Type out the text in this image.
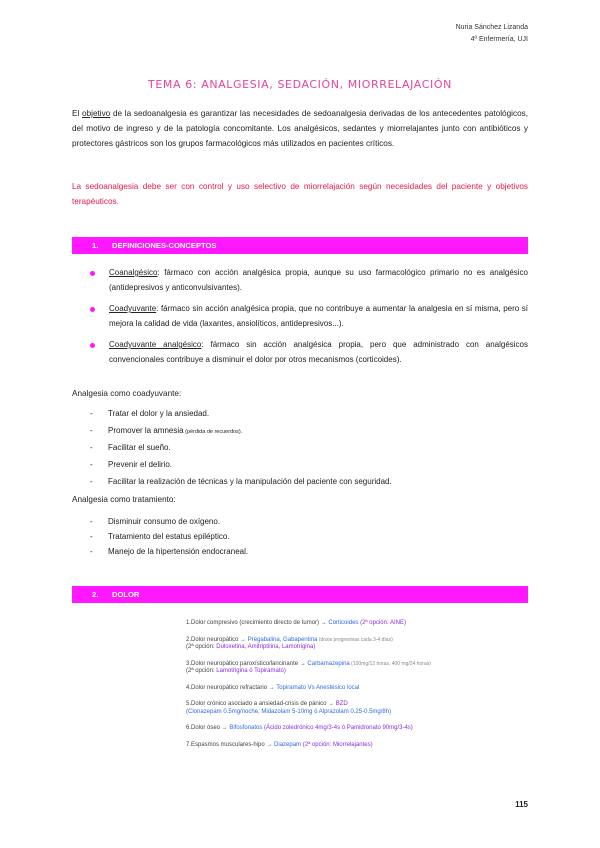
Nuria Sánchez Lizanda
4º Enfermería, UJI
TEMA 6: ANALGESIA, SEDACIÓN, MIORRELAJACIÓN
El objetivo de la sedoanalgesia es garantizar las necesidades de sedoanalgesia derivadas de los antecedentes patológicos, del motivo de ingreso y de la patología concomitante. Los analgésicos, sedantes y miorrelajantes junto con antibióticos y protectores gástricos son los grupos farmacológicos más utilizados en pacientes críticos.
La sedoanalgesia debe ser con control y uso selectivo de miorrelajación según necesidades del paciente y objetivos terapéuticos.
1. DEFINICIONES-CONCEPTOS
Coanalgésico: fármaco con acción analgésica propia, aunque su uso farmacológico primario no es analgésico (antidepresivos y anticonvulsivantes).
Coadyuvante: fármaco sin acción analgésica propia, que no contribuye a aumentar la analgesia en sí misma, pero sí mejora la calidad de vida (laxantes, ansiolíticos, antidepresivos...).
Coadyuvante analgésico: fármaco sin acción analgésica propia, pero que administrado con analgésicos convencionales contribuye a disminuir el dolor por otros mecanismos (corticoides).
Analgesia como coadyuvante:
- Tratar el dolor y la ansiedad.
- Promover la amnesia (pérdida de recuerdos).
- Facilitar el sueño.
- Prevenir el delirio.
- Facilitar la realización de técnicas y la manipulación del paciente con seguridad.
Analgesia como tratamiento:
- Disminuir consumo de oxígeno.
- Tratamiento del estatus epiléptico.
- Manejo de la hipertensión endocraneal.
2. DOLOR
1.Dolor compresivo (crecimiento directo de tumor) → Corticoides (2ª opción: AINE)
2.Dolor neuropático → Pregabalina, Gabapentina (dosis progresivas cada 3-4 días)
(2ª opción: Duloxetina, Amitriptilina, Lamotrigina)
3.Dolor neuropático paroxístico/lancinante → Carbamazepina (100mg/12 horas, 400 mg/24 horas)
(2ª opción: Lamotrigina ó Topiramato)
4.Dolor neuropático refractario → Topiramato Vs Anestésico local
5.Dolor crónico asociado a ansiedad-crisis de pánico → BZD
(Clonazepam 0.5mg/noche, Midazolam 5-10mg ó Alprazolam 0.25-0.5mg/8h)
6.Dolor óseo → Bifosfonatos (Ácido zoledrónico 4mg/3-4s ó Pamidronato 90mg/3-4s)
7.Espasmos musculares-hipo → Diazepam (2ª opción: Miorrelajantes)
115
